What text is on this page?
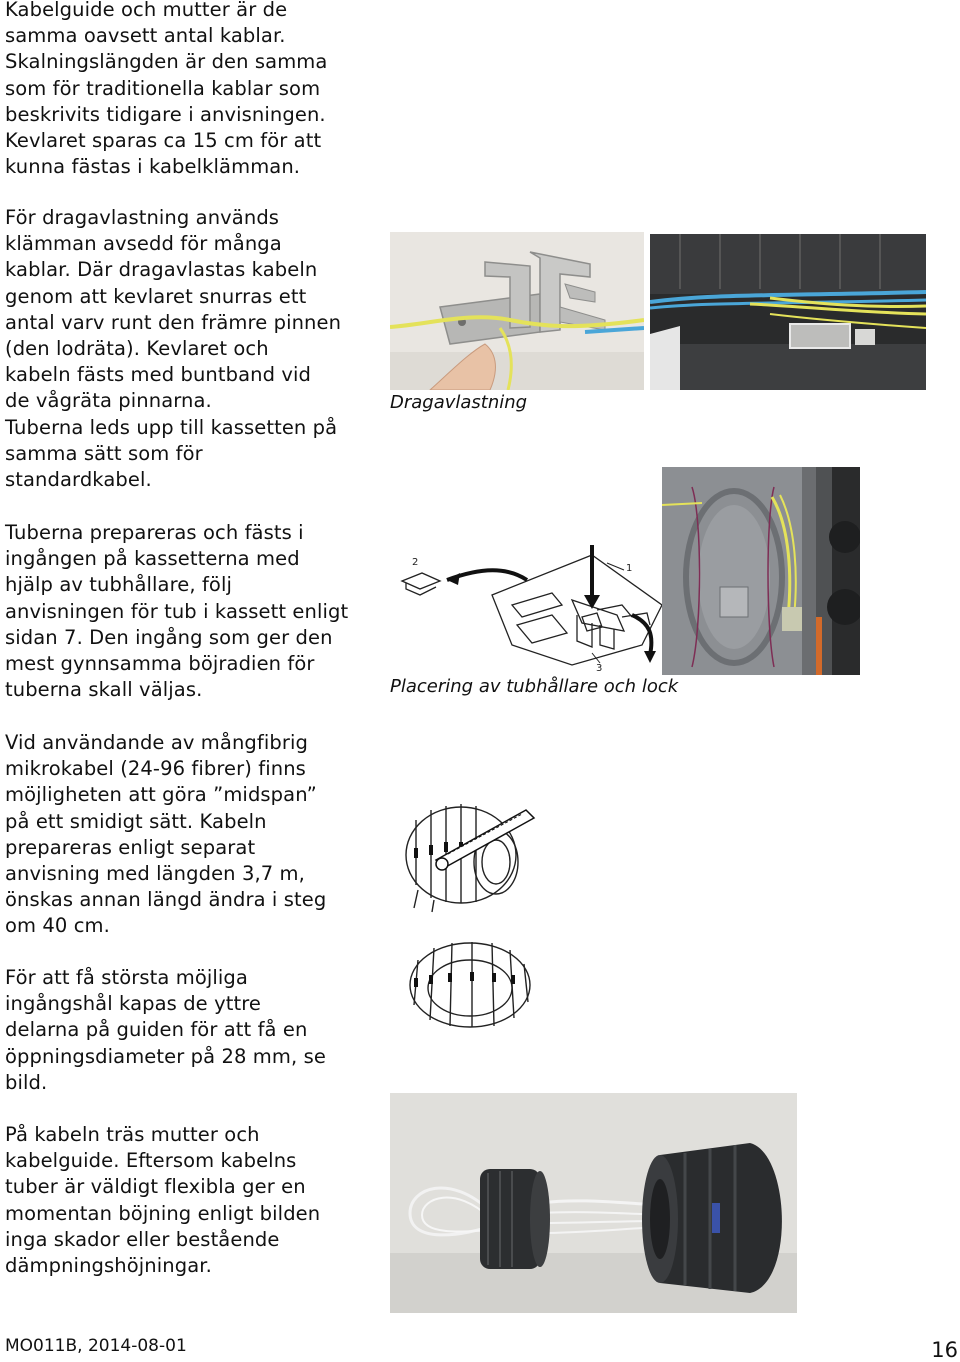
Kabelguide och mutter är de
samma oavsett antal kablar.
Skalningslängden är den samma
som för traditionella kablar som
beskrivits tidigare i anvisningen.
Kevlaret sparas ca 15 cm för att
kunna fästas i kabelklämman.
För dragavlastning används
klämman avsedd för många
kablar. Där dragavlastas kabeln
genom att kevlaret snurras ett
antal varv runt den främre pinnen
(den lodräta). Kevlaret och
kabeln fästs med buntband vid
de vågräta pinnarna.
Tuberna leds upp till kassetten på
samma sätt som för
standardkabel.
Tuberna prepareras och fästs i
ingången på kassetterna med
hjälp av tubhållare, följ
anvisningen för tub i kassett enligt
sidan 7. Den ingång som ger den
mest gynnsamma böjradien för
tuberna skall väljas.
Vid användande av mångfibrig
mikrokabel (24-96 fibrer) finns
möjligheten att göra ”midspan”
på ett smidigt sätt. Kabeln
prepareras enligt separat
anvisning med längden 3,7 m,
önskas annan längd ändra i steg
om 40 cm.
För att få största möjliga
ingångshål kapas de yttre
delarna på guiden för att få en
öppningsdiameter på 28 mm, se
bild.
På kabeln träs mutter och
kabelguide. Eftersom kabelns
tuber är väldigt flexibla ger en
momentan böjning enligt bilden
inga skador eller bestående
dämpningshöjningar.
Dragavlastning
2
1
3
Placering av tubhållare och lock
MO011B, 2014-08-01	16
